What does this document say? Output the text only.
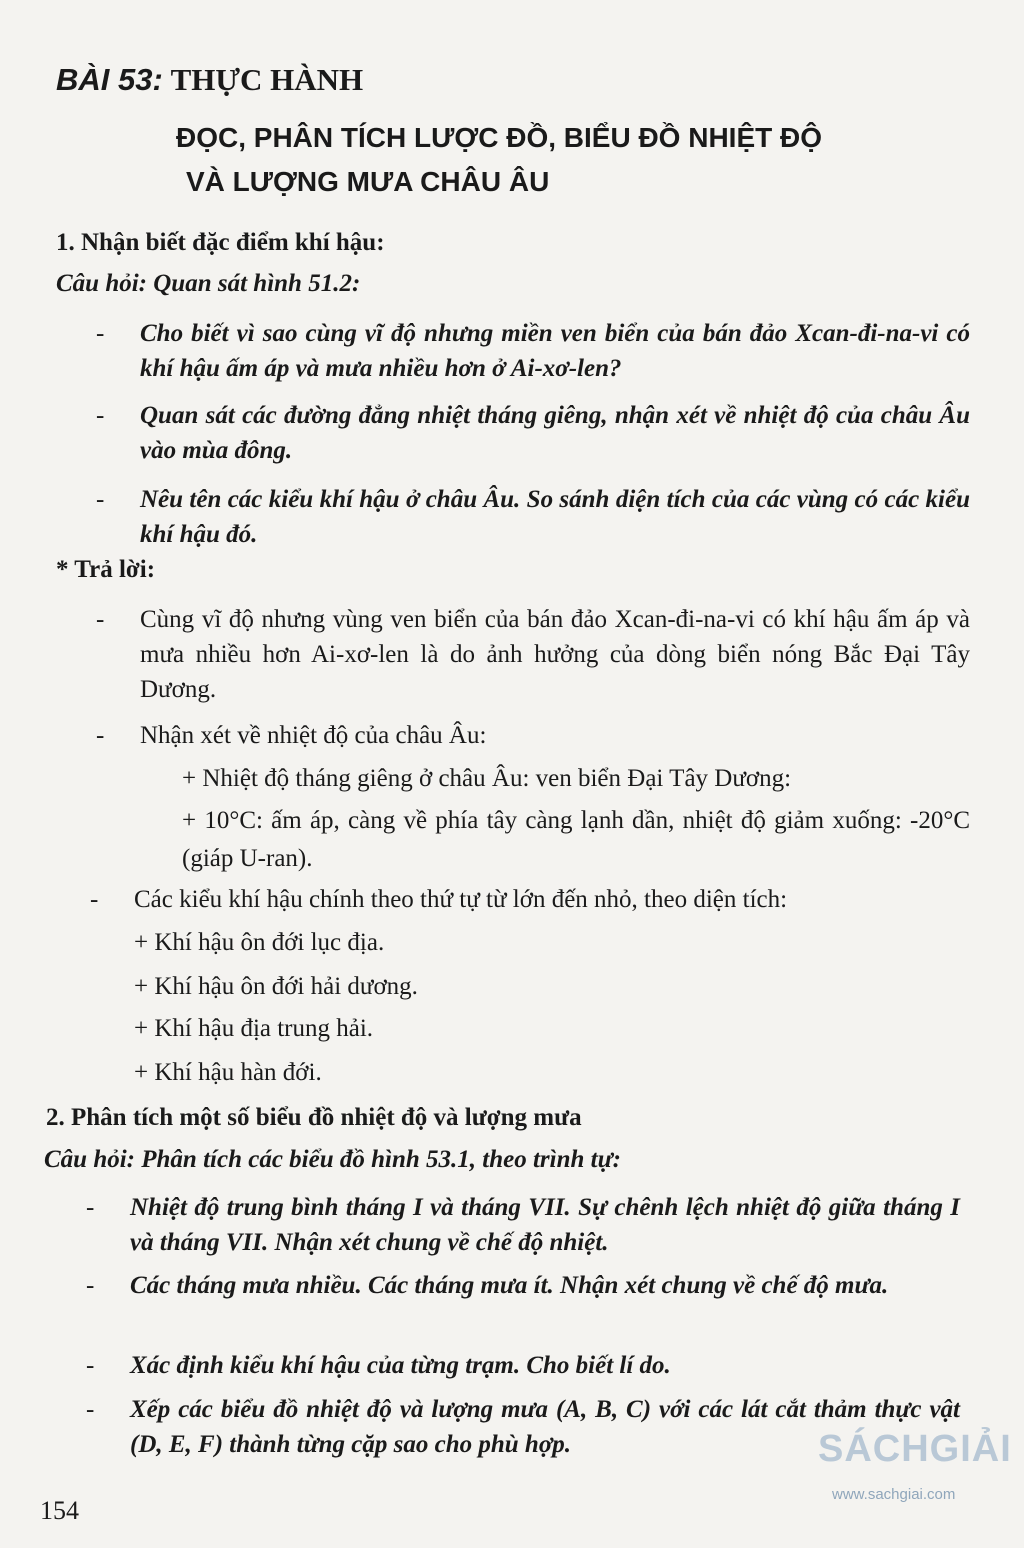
BÀI 53: THỰC HÀNH
ĐỌC, PHÂN TÍCH LƯỢC ĐỒ, BIỂU ĐỒ NHIỆT ĐỘ
VÀ LƯỢNG MƯA CHÂU ÂU
1. Nhận biết đặc điểm khí hậu:
Câu hỏi: Quan sát hình 51.2:
- Cho biết vì sao cùng vĩ độ nhưng miền ven biển của bán đảo Xcan-đi-na-vi có khí hậu ấm áp và mưa nhiều hơn ở Ai-xơ-len?
- Quan sát các đường đẳng nhiệt tháng giêng, nhận xét về nhiệt độ của châu Âu vào mùa đông.
- Nêu tên các kiểu khí hậu ở châu Âu. So sánh diện tích của các vùng có các kiểu khí hậu đó.
* Trả lời:
- Cùng vĩ độ nhưng vùng ven biển của bán đảo Xcan-đi-na-vi có khí hậu ấm áp và mưa nhiều hơn Ai-xơ-len là do ảnh hưởng của dòng biển nóng Bắc Đại Tây Dương.
- Nhận xét về nhiệt độ của châu Âu:
+ Nhiệt độ tháng giêng ở châu Âu: ven biển Đại Tây Dương:
+ 10°C: ấm áp, càng về phía tây càng lạnh dần, nhiệt độ giảm xuống: -20°C (giáp U-ran).
- Các kiểu khí hậu chính theo thứ tự từ lớn đến nhỏ, theo diện tích:
+ Khí hậu ôn đới lục địa.
+ Khí hậu ôn đới hải dương.
+ Khí hậu địa trung hải.
+ Khí hậu hàn đới.
2. Phân tích một số biểu đồ nhiệt độ và lượng mưa
Câu hỏi: Phân tích các biểu đồ hình 53.1, theo trình tự:
- Nhiệt độ trung bình tháng I và tháng VII. Sự chênh lệch nhiệt độ giữa tháng I và tháng VII. Nhận xét chung về chế độ nhiệt.
- Các tháng mưa nhiều. Các tháng mưa ít. Nhận xét chung về chế độ mưa.
- Xác định kiểu khí hậu của từng trạm. Cho biết lí do.
- Xếp các biểu đồ nhiệt độ và lượng mưa (A, B, C) với các lát cắt thảm thực vật (D, E, F) thành từng cặp sao cho phù hợp.
154
SÁCHGIẢI
www.sachgiai.com
